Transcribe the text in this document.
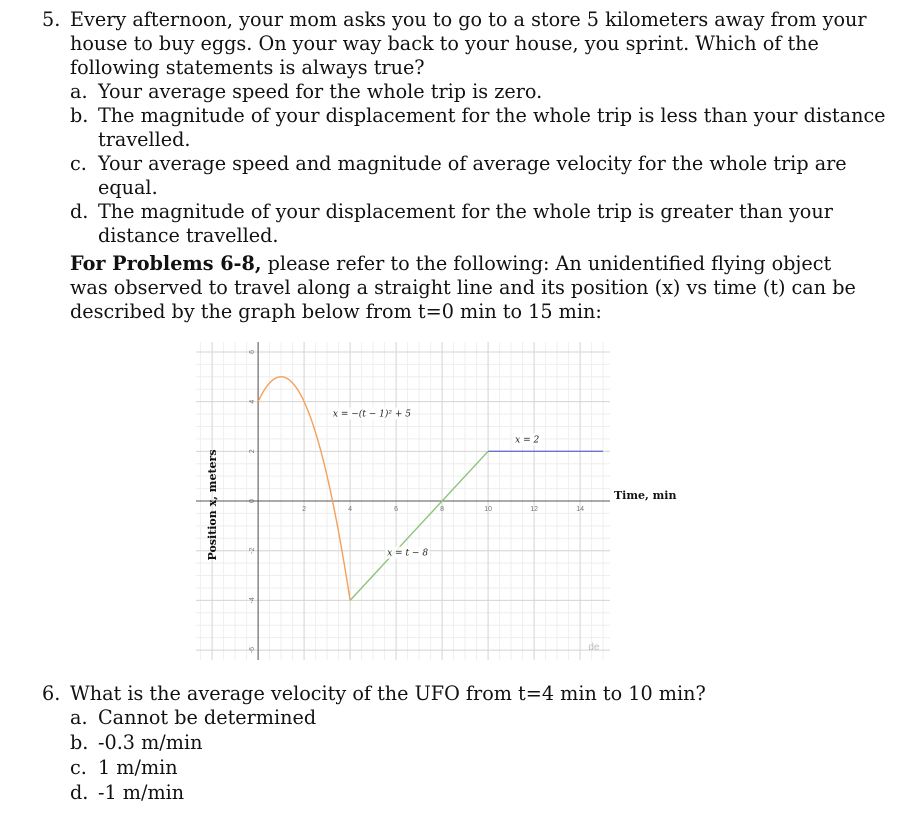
5. Every afternoon, your mom asks you to go to a store 5 kilometers away from your house to buy eggs. On your way back to your house, you sprint. Which of the following statements is always true?
a. Your average speed for the whole trip is zero.
b. The magnitude of your displacement for the whole trip is less than your distance travelled.
c. Your average speed and magnitude of average velocity for the whole trip are equal.
d. The magnitude of your displacement for the whole trip is greater than your distance travelled.
For Problems 6-8, please refer to the following: An unidentified flying object was observed to travel along a straight line and its position (x) vs time (t) can be described by the graph below from t=0 min to 15 min:
2	4	6	8	10	12	14
6
4
2
0
-2
-4
-6
x = −(t − 1)² + 5
x = 2
x = t − 8
Time, min
Position x, meters
de
6. What is the average velocity of the UFO from t=4 min to 10 min?
a. Cannot be determined
b. -0.3 m/min
c. 1 m/min
d. -1 m/min
